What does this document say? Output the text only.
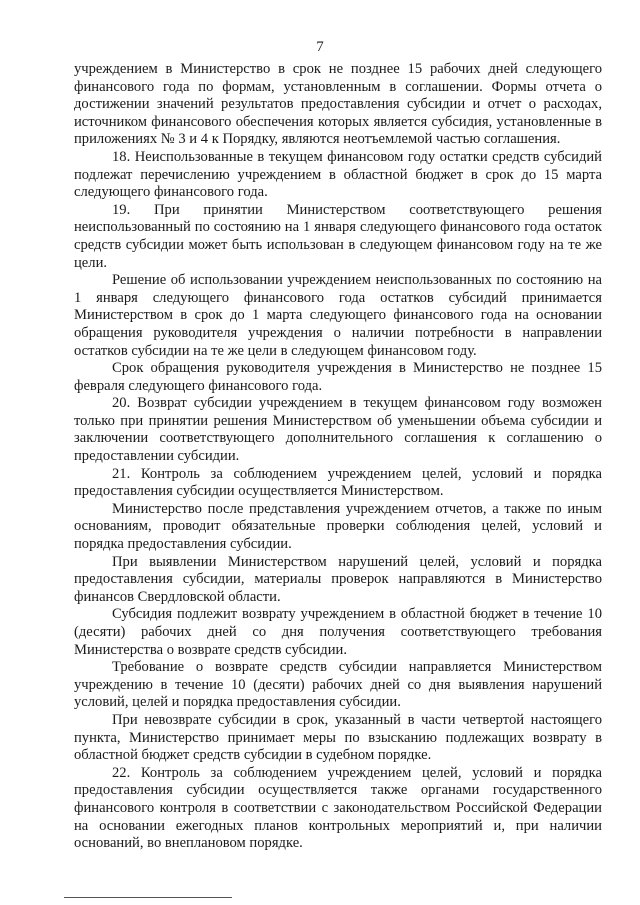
7

учреждением в Министерство в срок не позднее 15 рабочих дней следующего финансового года по формам, установленным в соглашении. Формы отчета о достижении значений результатов предоставления субсидии и отчет о расходах, источником финансового обеспечения которых является субсидия, установленные в приложениях № 3 и 4 к Порядку, являются неотъемлемой частью соглашения.

18. Неиспользованные в текущем финансовом году остатки средств субсидий подлежат перечислению учреждением в областной бюджет в срок до 15 марта следующего финансового года.

19. При принятии Министерством соответствующего решения неиспользованный по состоянию на 1 января следующего финансового года остаток средств субсидии может быть использован в следующем финансовом году на те же цели.

Решение об использовании учреждением неиспользованных по состоянию на 1 января следующего финансового года остатков субсидий принимается Министерством в срок до 1 марта следующего финансового года на основании обращения руководителя учреждения о наличии потребности в направлении остатков субсидии на те же цели в следующем финансовом году.

Срок обращения руководителя учреждения в Министерство не позднее 15 февраля следующего финансового года.

20. Возврат субсидии учреждением в текущем финансовом году возможен только при принятии решения Министерством об уменьшении объема субсидии и заключении соответствующего дополнительного соглашения к соглашению о предоставлении субсидии.

21. Контроль за соблюдением учреждением целей, условий и порядка предоставления субсидии осуществляется Министерством.

Министерство после представления учреждением отчетов, а также по иным основаниям, проводит обязательные проверки соблюдения целей, условий и порядка предоставления субсидии.

При выявлении Министерством нарушений целей, условий и порядка предоставления субсидии, материалы проверок направляются в Министерство финансов Свердловской области.

Субсидия подлежит возврату учреждением в областной бюджет в течение 10 (десяти) рабочих дней со дня получения соответствующего требования Министерства о возврате средств субсидии.

Требование о возврате средств субсидии направляется Министерством учреждению в течение 10 (десяти) рабочих дней со дня выявления нарушений условий, целей и порядка предоставления субсидии.

При невозврате субсидии в срок, указанный в части четвертой настоящего пункта, Министерство принимает меры по взысканию подлежащих возврату в областной бюджет средств субсидии в судебном порядке.

22. Контроль за соблюдением учреждением целей, условий и порядка предоставления субсидии осуществляется также органами государственного финансового контроля в соответствии с законодательством Российской Федерации на основании ежегодных планов контрольных мероприятий и, при наличии оснований, во внеплановом порядке.
